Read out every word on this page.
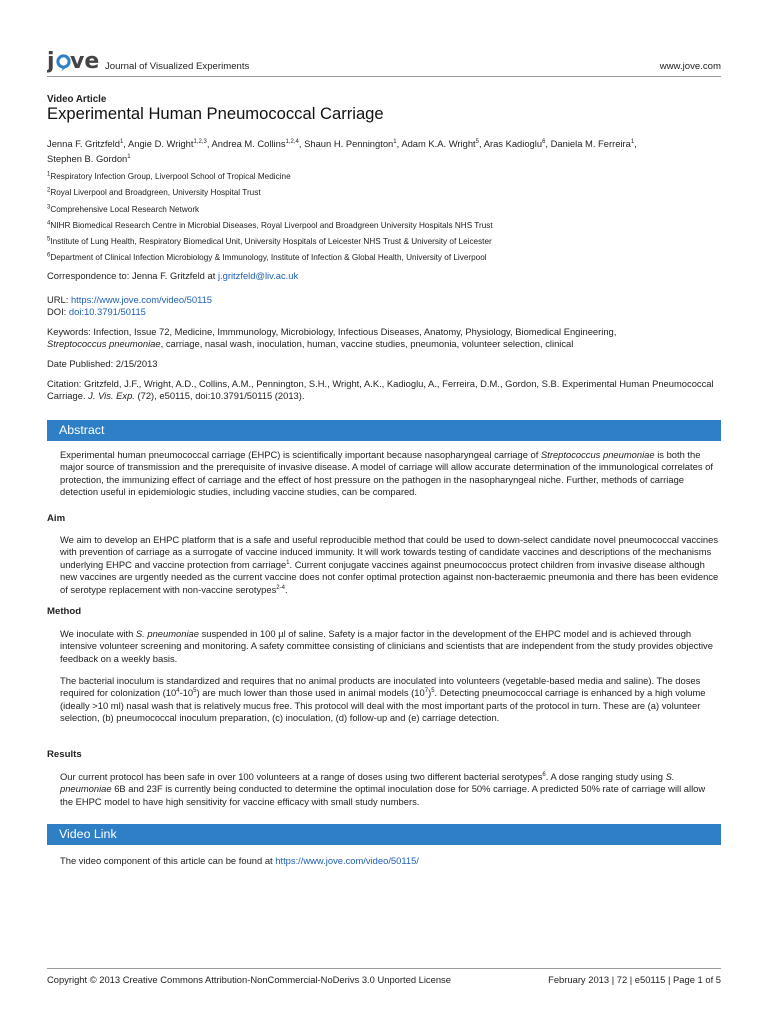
j ve Journal of Visualized Experiments	www.jove.com
Video Article
Experimental Human Pneumococcal Carriage
Jenna F. Gritzfeld$^1$, Angie D. Wright$^{1,2,3}$, Andrea M. Collins$^{1,2,4}$, Shaun H. Pennington$^1$, Adam K.A. Wright$^5$, Aras Kadioglu$^6$, Daniela M. Ferreira$^1$,
Stephen B. Gordon$^1$
$^1$Respiratory Infection Group, Liverpool School of Tropical Medicine
$^2$Royal Liverpool and Broadgreen, University Hospital Trust
$^3$Comprehensive Local Research Network
$^4$NIHR Biomedical Research Centre in Microbial Diseases, Royal Liverpool and Broadgreen University Hospitals NHS Trust
$^5$Institute of Lung Health, Respiratory Biomedical Unit, University Hospitals of Leicester NHS Trust & University of Leicester
$^6$Department of Clinical Infection Microbiology & Immunology, Institute of Infection & Global Health, University of Liverpool
Correspondence to: Jenna F. Gritzfeld at j.gritzfeld@liv.ac.uk
URL: https://www.jove.com/video/50115
DOI: doi:10.3791/50115
Keywords: Infection, Issue 72, Medicine, Immmunology, Microbiology, Infectious Diseases, Anatomy, Physiology, Biomedical Engineering,
Streptococcus pneumoniae, carriage, nasal wash, inoculation, human, vaccine studies, pneumonia, volunteer selection, clinical
Date Published: 2/15/2013
Citation: Gritzfeld, J.F., Wright, A.D., Collins, A.M., Pennington, S.H., Wright, A.K., Kadioglu, A., Ferreira, D.M., Gordon, S.B. Experimental Human Pneumococcal Carriage. J. Vis. Exp. (72), e50115, doi:10.3791/50115 (2013).
Abstract

Experimental human pneumococcal carriage (EHPC) is scientifically important because nasopharyngeal carriage of Streptococcus pneumoniae is both the major source of transmission and the prerequisite of invasive disease. A model of carriage will allow accurate determination of the immunological correlates of protection, the immunizing effect of carriage and the effect of host pressure on the pathogen in the nasopharyngeal niche. Further, methods of carriage detection useful in epidemiologic studies, including vaccine studies, can be compared.

Aim

We aim to develop an EHPC platform that is a safe and useful reproducible method that could be used to down-select candidate novel pneumococcal vaccines with prevention of carriage as a surrogate of vaccine induced immunity. It will work towards testing of candidate vaccines and descriptions of the mechanisms underlying EHPC and vaccine protection from carriage$^1$. Current conjugate vaccines against pneumococcus protect children from invasive disease although new vaccines are urgently needed as the current vaccine does not confer optimal protection against non-bacteraemic pneumonia and there has been evidence of serotype replacement with non-vaccine serotypes$^{2-4}$.

Method

We inoculate with S. pneumoniae suspended in 100 µl of saline. Safety is a major factor in the development of the EHPC model and is achieved through intensive volunteer screening and monitoring. A safety committee consisting of clinicians and scientists that are independent from the study provides objective feedback on a weekly basis.

The bacterial inoculum is standardized and requires that no animal products are inoculated into volunteers (vegetable-based media and saline). The doses required for colonization $(10^4-10^5)$ are much lower than those used in animal models $(10^7)^5$. Detecting pneumococcal carriage is enhanced by a high volume (ideally >10 ml) nasal wash that is relatively mucus free. This protocol will deal with the most important parts of the protocol in turn. These are (a) volunteer selection, (b) pneumococcal inoculum preparation, (c) inoculation, (d) follow-up and (e) carriage detection.

Results

Our current protocol has been safe in over 100 volunteers at a range of doses using two different bacterial serotypes$^6$. A dose ranging study using S. pneumoniae 6B and 23F is currently being conducted to determine the optimal inoculation dose for 50% carriage. A predicted 50% rate of carriage will allow the EHPC model to have high sensitivity for vaccine efficacy with small study numbers.

Video Link
The video component of this article can be found at https://www.jove.com/video/50115/
Copyright © 2013 Creative Commons Attribution-NonCommercial-NoDerivs 3.0 Unported License	February 2013 | 72 | e50115 | Page 1 of 5
